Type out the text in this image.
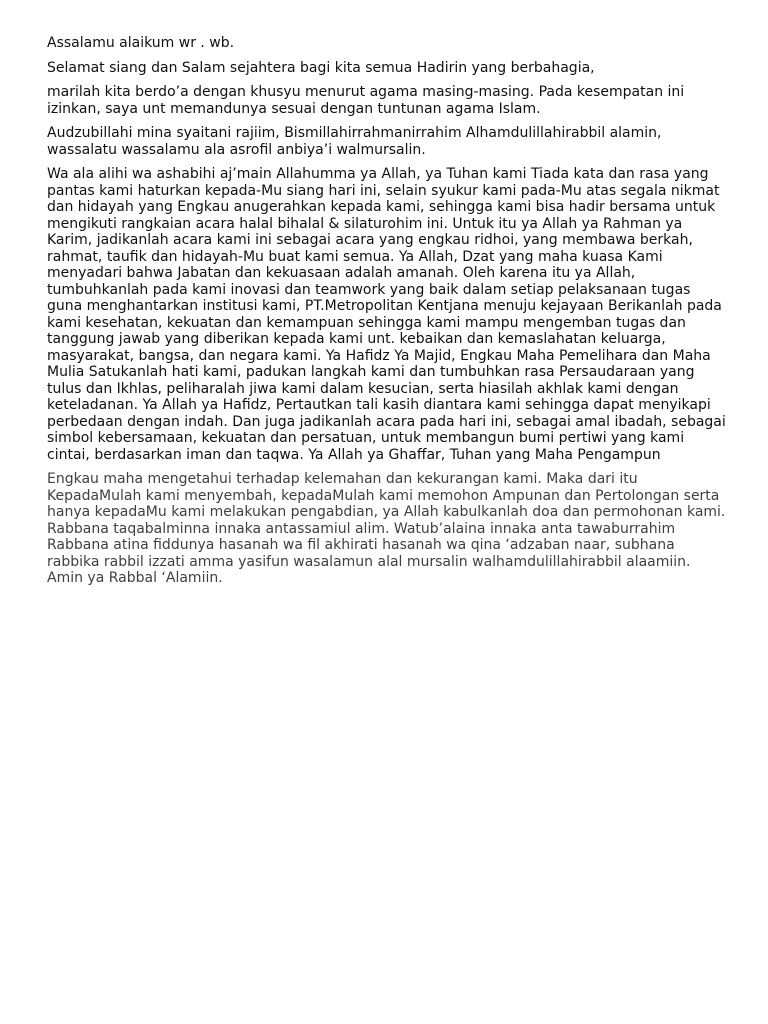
Assalamu alaikum wr . wb.

Selamat siang dan Salam sejahtera bagi kita semua Hadirin yang berbahagia,

marilah kita berdo’a dengan khusyu menurut agama masing-masing. Pada kesempatan ini izinkan, saya unt memandunya sesuai dengan tuntunan agama Islam.

Audzubillahi mina syaitani rajiim, Bismillahirrahmanirrahim Alhamdulillahirabbil alamin, wassalatu wassalamu ala asrofil anbiya’i walmursalin.

Wa ala alihi wa ashabihi aj’main Allahumma ya Allah, ya Tuhan kami Tiada kata dan rasa yang pantas kami haturkan kepada-Mu siang hari ini, selain syukur kami pada-Mu atas segala nikmat dan hidayah yang Engkau anugerahkan kepada kami, sehingga kami bisa hadir bersama untuk mengikuti rangkaian acara halal bihalal & silaturohim ini. Untuk itu ya Allah ya Rahman ya Karim, jadikanlah acara kami ini sebagai acara yang engkau ridhoi, yang membawa berkah, rahmat, taufik dan hidayah-Mu buat kami semua. Ya Allah, Dzat yang maha kuasa Kami menyadari bahwa Jabatan dan kekuasaan adalah amanah. Oleh karena itu ya Allah, tumbuhkanlah pada kami inovasi dan teamwork yang baik dalam setiap pelaksanaan tugas guna menghantarkan institusi kami, PT.Metropolitan Kentjana menuju kejayaan Berikanlah pada kami kesehatan, kekuatan dan kemampuan sehingga kami mampu mengemban tugas dan tanggung jawab yang diberikan kepada kami unt. kebaikan dan kemaslahatan keluarga, masyarakat, bangsa, dan negara kami. Ya Hafidz Ya Majid, Engkau Maha Pemelihara dan Maha Mulia Satukanlah hati kami, padukan langkah kami dan tumbuhkan rasa Persaudaraan yang tulus dan Ikhlas, peliharalah jiwa kami dalam kesucian, serta hiasilah akhlak kami dengan keteladanan. Ya Allah ya Hafidz, Pertautkan tali kasih diantara kami sehingga dapat menyikapi perbedaan dengan indah. Dan juga jadikanlah acara pada hari ini, sebagai amal ibadah, sebagai simbol kebersamaan, kekuatan dan persatuan, untuk membangun bumi pertiwi yang kami cintai, berdasarkan iman dan taqwa. Ya Allah ya Ghaffar, Tuhan yang Maha Pengampun

Engkau maha mengetahui terhadap kelemahan dan kekurangan kami. Maka dari itu KepadaMulah kami menyembah, kepadaMulah kami memohon Ampunan dan Pertolongan serta hanya kepadaMu kami melakukan pengabdian, ya Allah kabulkanlah doa dan permohonan kami. Rabbana taqabalminna innaka antassamiul alim. Watub’alaina innaka anta tawaburrahim Rabbana atina fiddunya hasanah wa fil akhirati hasanah wa qina ‘adzaban naar, subhana rabbika rabbil izzati amma yasifun wasalamun alal mursalin walhamdulillahirabbil alaamiin. Amin ya Rabbal ‘Alamiin.
